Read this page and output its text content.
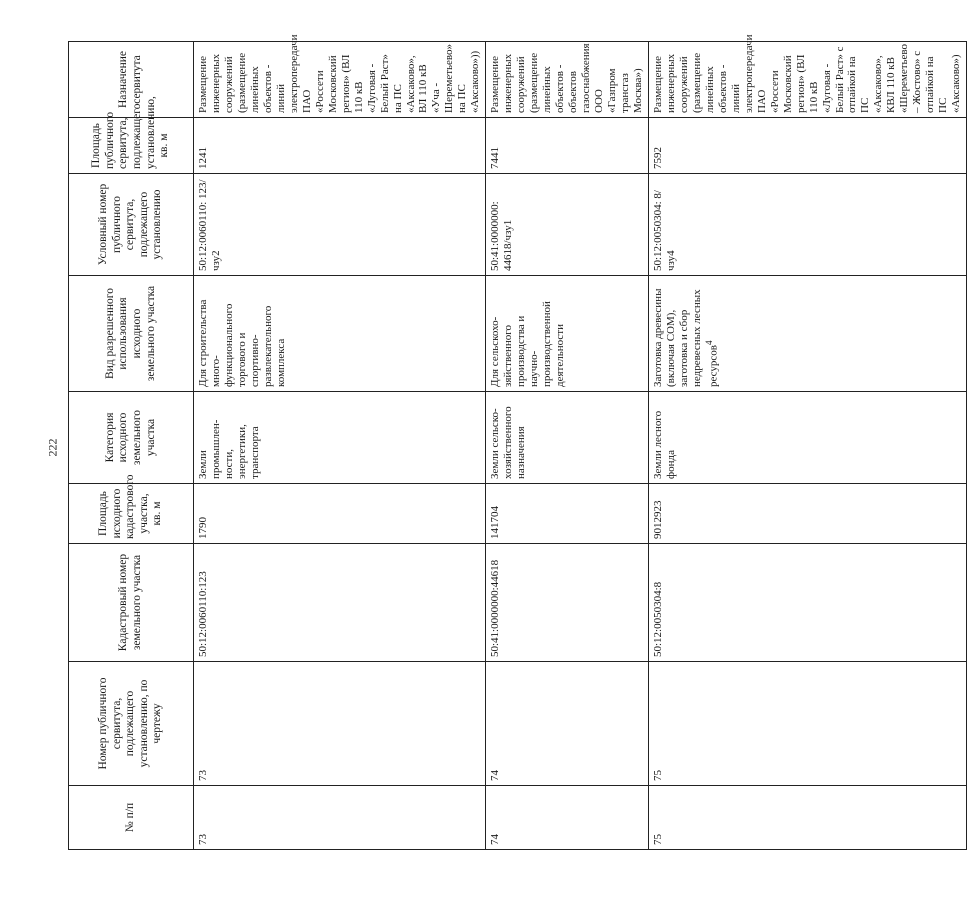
222
№ п/п	Номер публичного сервитута, подлежащего установлению, по чертежу	Кадастровый номер земельного участка	Площадь исходного кадастрового участка, кв. м	Категория исходного земельного участка	Вид разрешенного использования исходного земельного участка	Условный номер публичного сервитута, подлежащего установлению	Площадь публичного сервитута, подлежащего установлению, кв. м	Назначение сервитута
73	73	50:12:0060110:123	1790	Земли промышлен- ности, энергетики, транспорта	Для строительства много- функционального торгового и спортивно- развлекательного комплекса	50:12:0060110: 123/чзу2	1241	Размещение инженерных сооружений (размещение линейных объектов - линий электропередачи ПАО «Россети Московский регион» (ВЛ 110 кВ «Луговая - Белый Раст» на ПС «Аксаково», ВЛ 110 кВ «Уча - Шереметьево» на ПС «Аксаково»))
74	74	50:41:0000000:44618	141704	Земли сельско- хозяйственного назначения	Для сельскохо- зяйственного производства и научно- производственной деятельности	50:41:0000000: 44618/чзу1	7441	Размещение инженерных сооружений (размещение линейных объектов - объектов газоснабжения ООО «Газпром трансгаз Москва»)
75	75	50:12:0050304:8	9012923	Земли лесного фонда	Заготовка древесины (включая СОМ), заготовка и сбор недревесных лесных ресурсов$^4$	50:12:0050304: 8/чзу4	7592	Размещение инженерных сооружений (размещение линейных объектов - линий электропередачи ПАО «Россети Московский регион» (ВЛ 110 кВ «Луговая - Белый Раст» с отпайкой на ПС «Аксаково», КВЛ 110 кВ «Шереметьево – Жостово» с отпайкой на ПС «Аксаково»)
